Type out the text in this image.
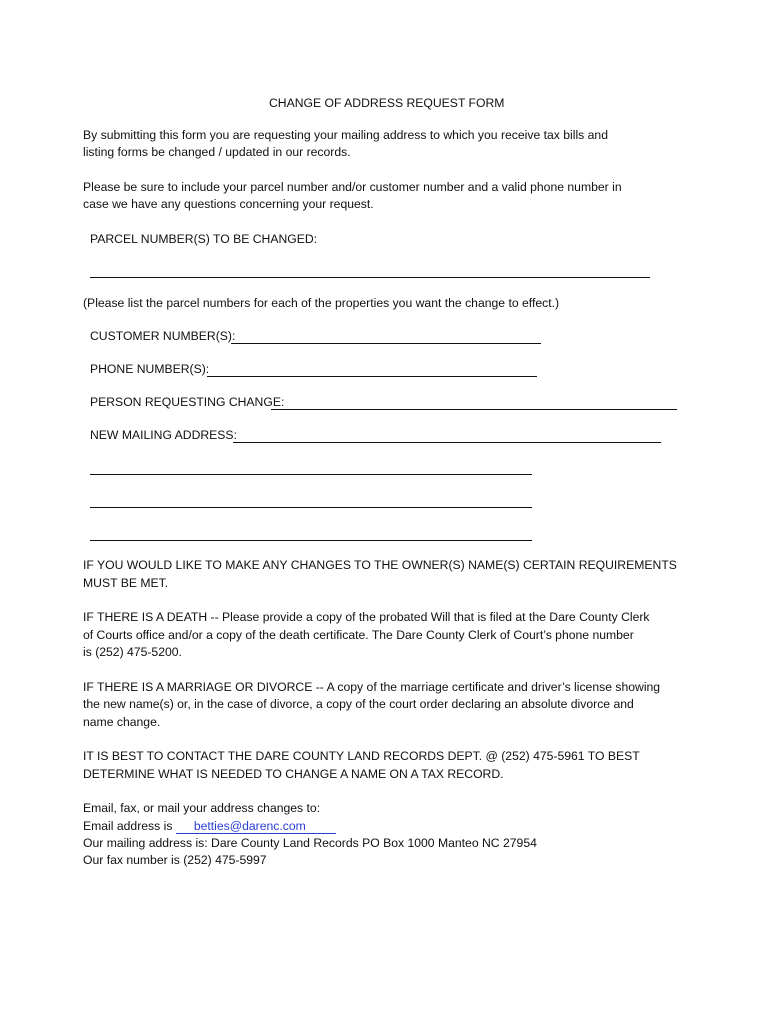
CHANGE OF ADDRESS REQUEST FORM
By submitting this form you are requesting your mailing address to which you receive tax bills and
listing forms be changed / updated in our records.
Please be sure to include your parcel number and/or customer number and a valid phone number in
case we have any questions concerning your request.
PARCEL NUMBER(S) TO BE CHANGED:
(Please list the parcel numbers for each of the properties you want the change to effect.)
CUSTOMER NUMBER(S):
PHONE NUMBER(S):
PERSON REQUESTING CHANGE:
NEW MAILING ADDRESS:
IF YOU WOULD LIKE TO MAKE ANY CHANGES TO THE OWNER(S) NAME(S) CERTAIN REQUIREMENTS
MUST BE MET.
IF THERE IS A DEATH -- Please provide a copy of the probated Will that is filed at the Dare County Clerk
of Courts office and/or a copy of the death certificate. The Dare County Clerk of Court’s phone number
is (252) 475-5200.
IF THERE IS A MARRIAGE OR DIVORCE -- A copy of the marriage certificate and driver’s license showing
the new name(s) or, in the case of divorce, a copy of the court order declaring an absolute divorce and
name change.
IT IS BEST TO CONTACT THE DARE COUNTY LAND RECORDS DEPT. @ (252) 475-5961 TO BEST
DETERMINE WHAT IS NEEDED TO CHANGE A NAME ON A TAX RECORD.
Email, fax, or mail your address changes to:
Email address is betties@darenc.com
Our mailing address is: Dare County Land Records PO Box 1000 Manteo NC 27954
Our fax number is (252) 475-5997
